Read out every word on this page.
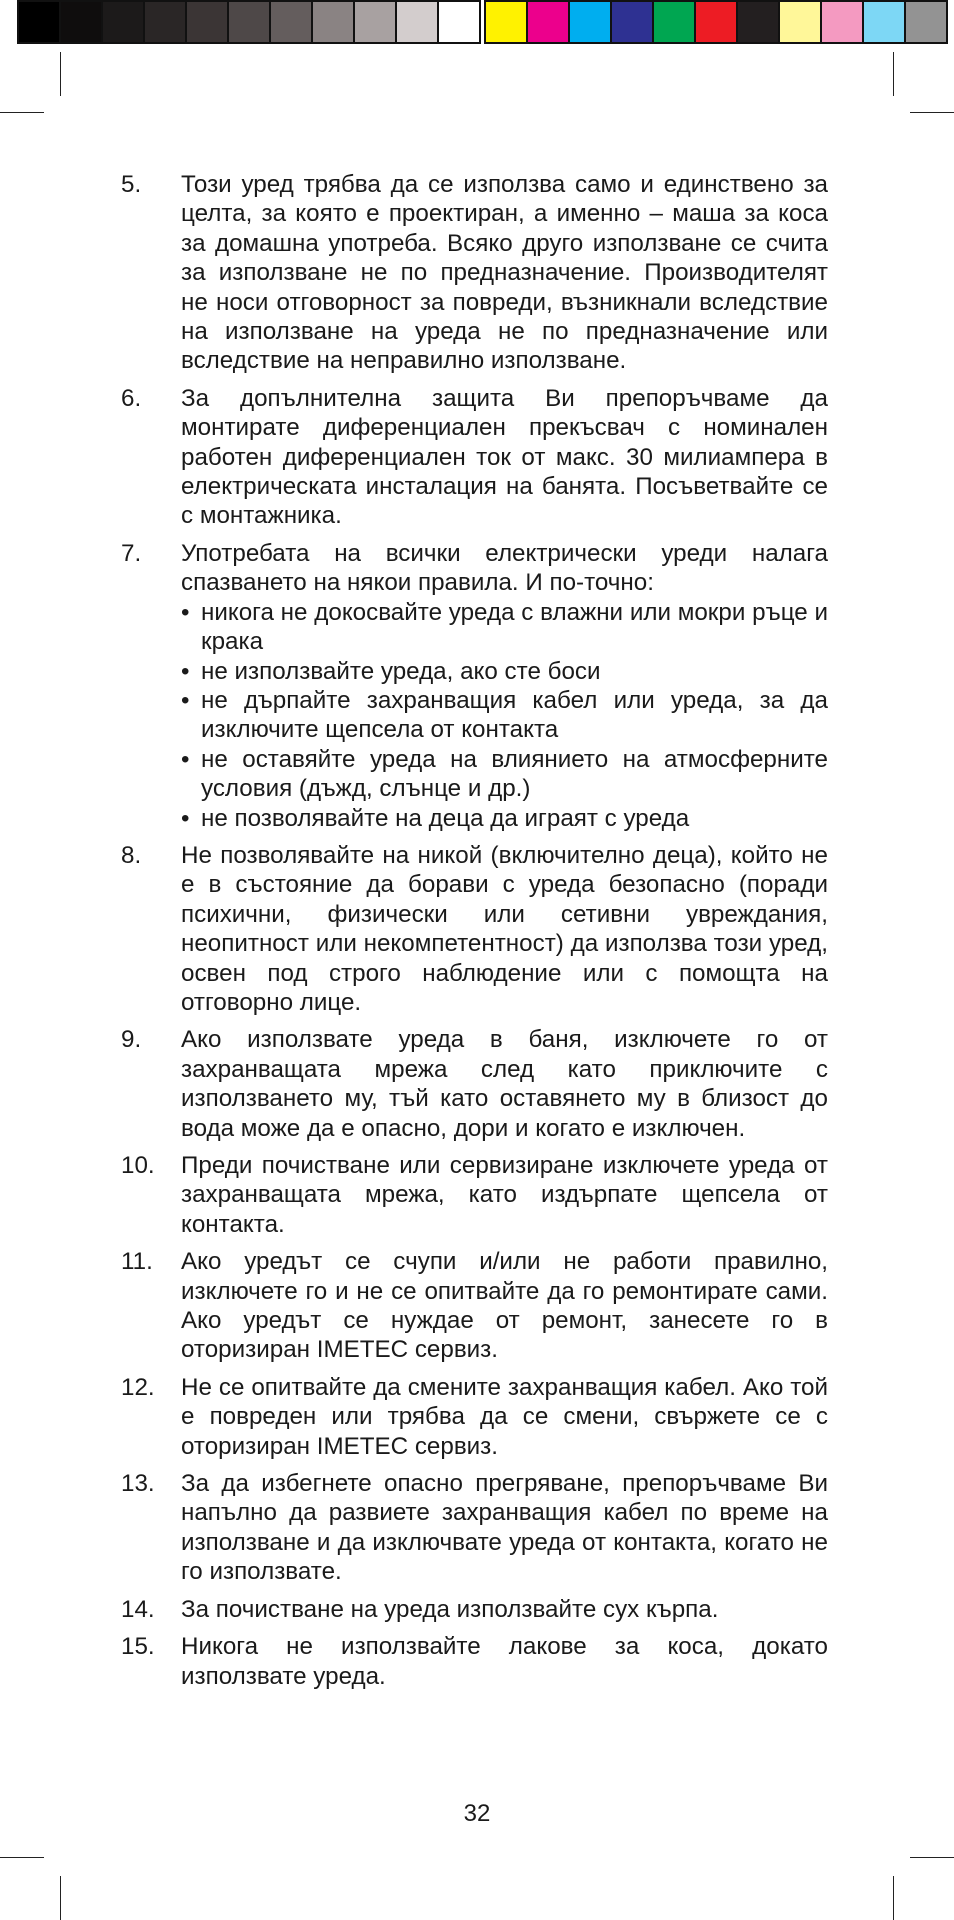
5.	Този уред трябва да се използва само и единствено за целта, за която е проектиран, а именно – маша за коса за домашна употреба. Всяко друго използване се счита за използване не по предназначение. Производителят не носи отговорност за повреди, възникнали вследствие на използване на уреда не по предназначение или вследствие на неправилно използване.
6.	За допълнителна защита Ви препоръчваме да монтирате диференциален прекъсвач с номинален работен диференциален ток от макс. 30 милиампера в електрическата инсталация на банята. Посъветвайте се с монтажника.
7.	Употребата на всички електрически уреди налага спазването на някои правила. И по-точно:
• никога не докосвайте уреда с влажни или мокри ръце и крака
• не използвайте уреда, ако сте боси
• не дърпайте захранващия кабел или уреда, за да изключите щепсела от контакта
• не оставяйте уреда на влиянието на атмосферните условия (дъжд, слънце и др.)
• не позволявайте на деца да играят с уреда
8.	Не позволявайте на никой (включително деца), който не е в състояние да борави с уреда безопасно (поради психични, физически или сетивни увреждания, неопитност или некомпетентност) да използва този уред, освен под строго наблюдение или с помощта на отговорно лице.
9.	Ако използвате уреда в баня, изключете го от захранващата мрежа след като приключите с използването му, тъй като оставянето му в близост до вода може да е опасно, дори и когато е изключен.
10.	Преди почистване или сервизиране изключете уреда от захранващата мрежа, като издърпате щепсела от контакта.
11.	Ако уредът се счупи и/или не работи правилно, изключете го и не се опитвайте да го ремонтирате сами. Ако уредът се нуждае от ремонт, занесете го в оторизиран IMETEC сервиз.
12.	Не се опитвайте да смените захранващия кабел. Ако той е повреден или трябва да се смени, свържете се с оторизиран IMETEC сервиз.
13.	За да избегнете опасно прегряване, препоръчваме Ви напълно да развиете захранващия кабел по време на използване и да изключвате уреда от контакта, когато не го използвате.
14.	За почистване на уреда използвайте сух кърпа.
15.	Никога не използвайте лакове за коса, докато използвате уреда.
32
